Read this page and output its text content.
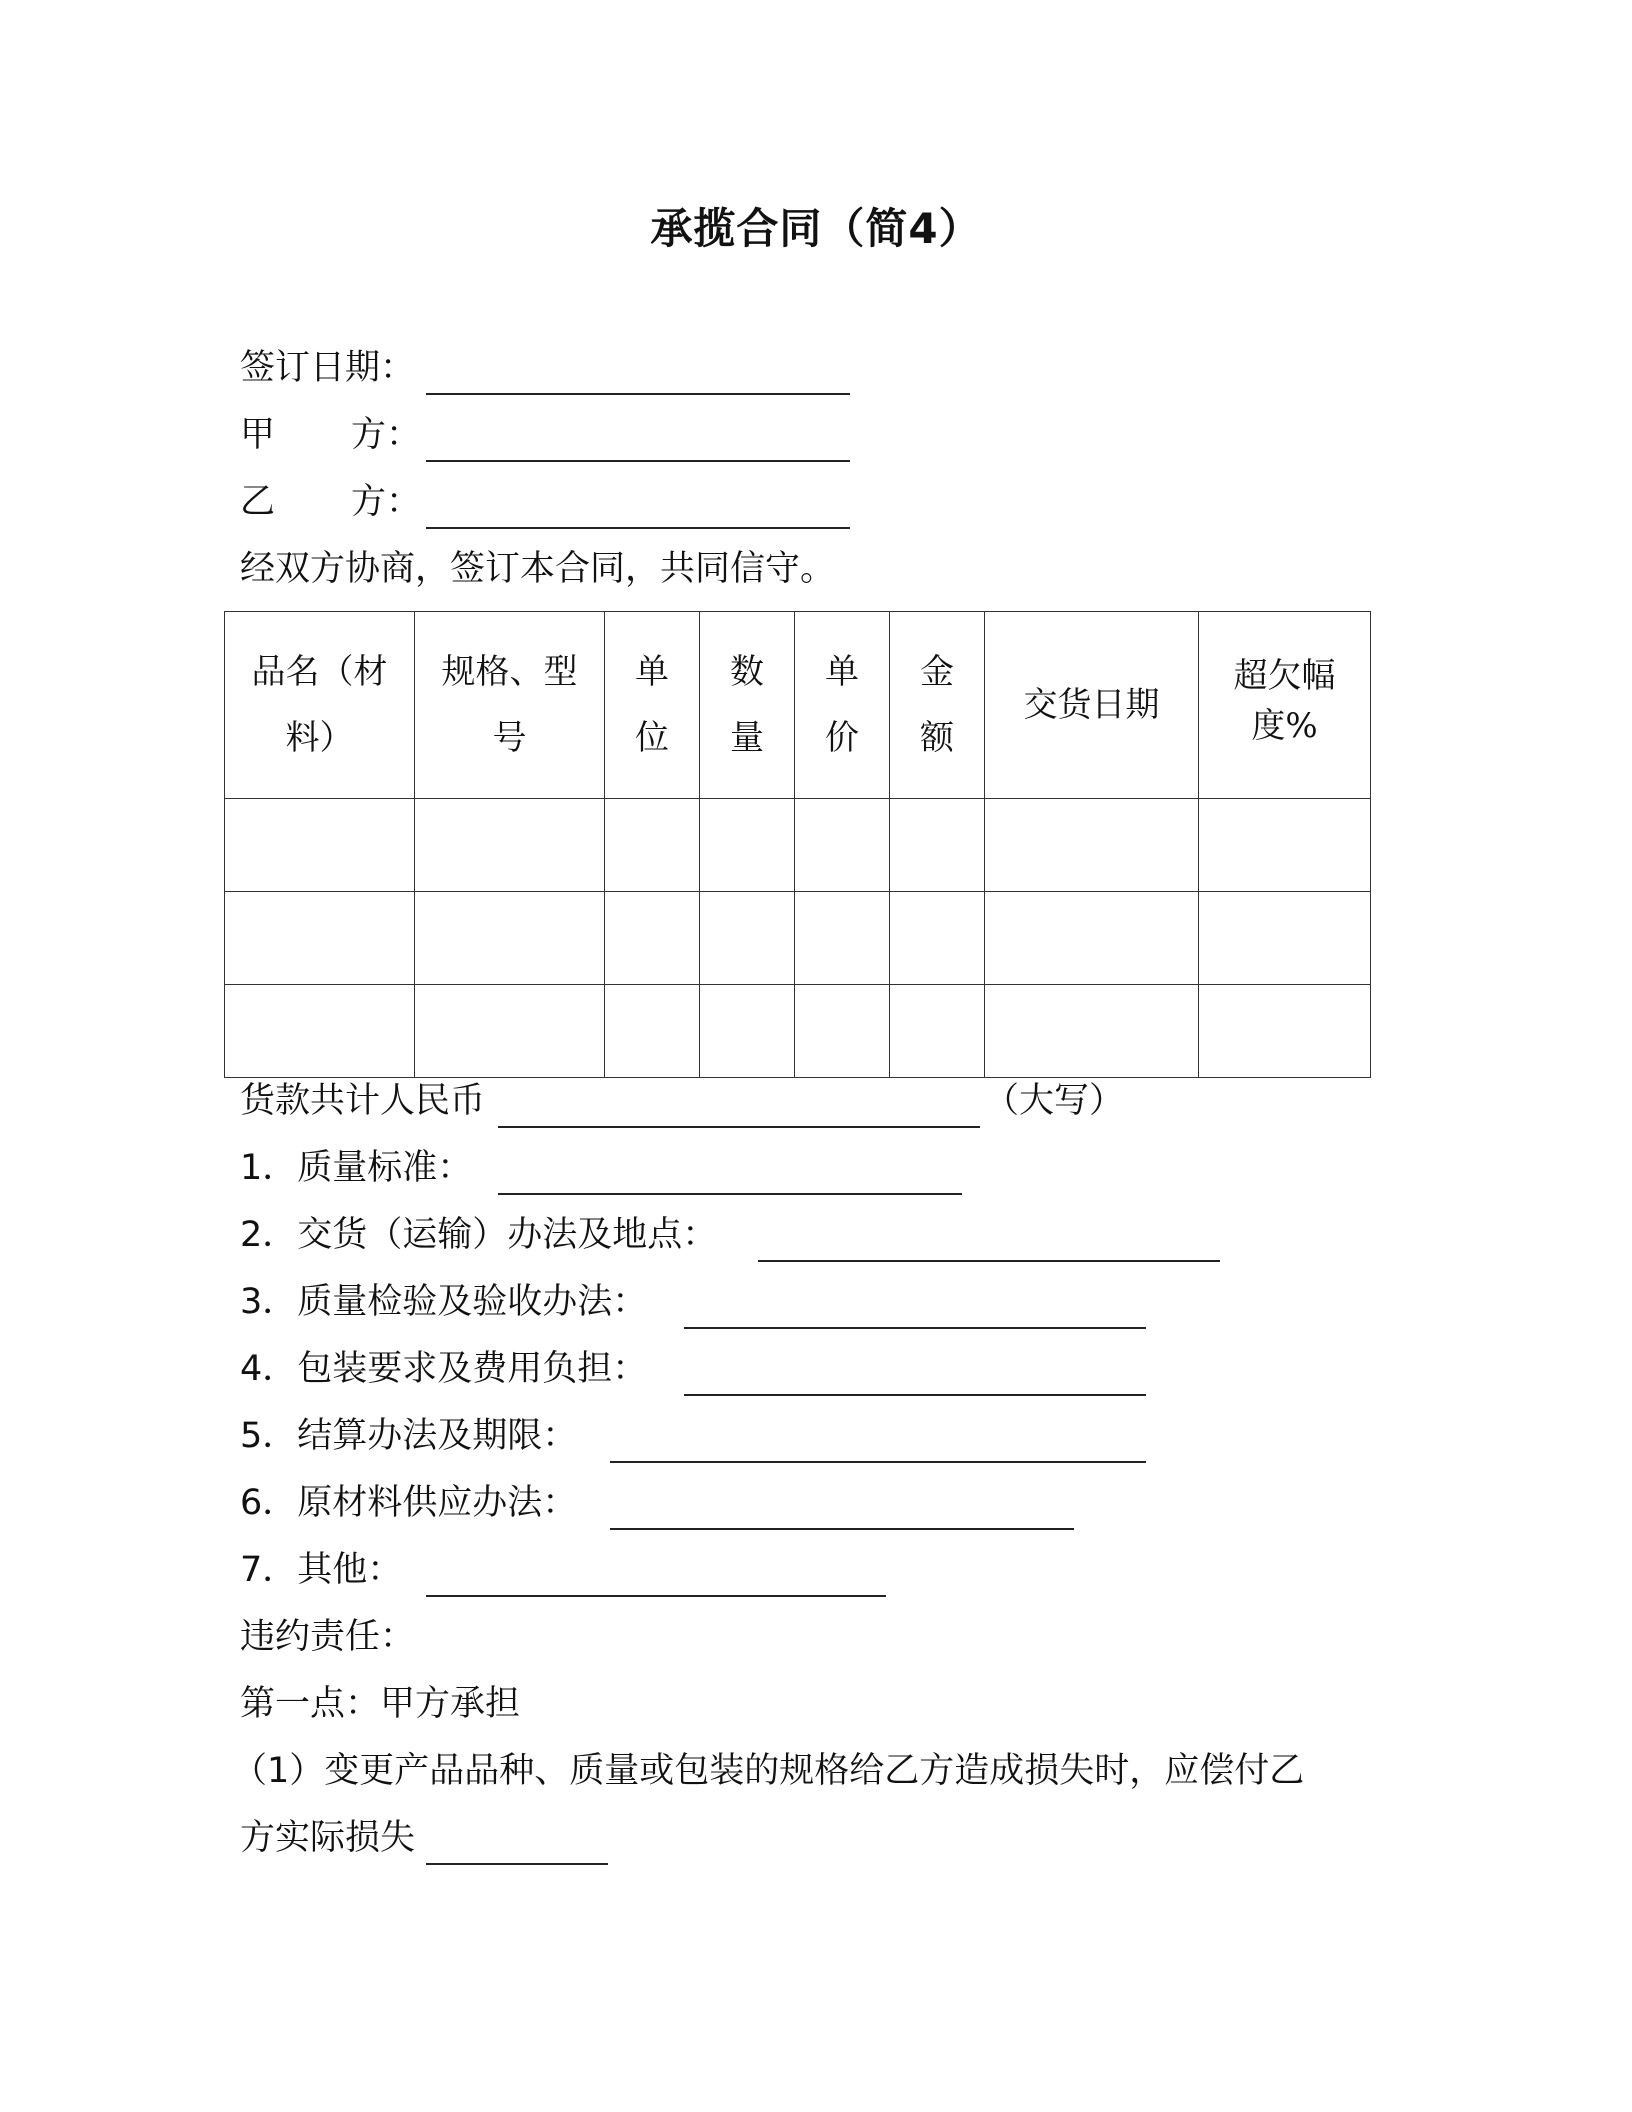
承揽合同（简4）
签订日期：
甲 方：
乙 方：
经双方协商，签订本合同，共同信守。
品名（材料）	规格、型号	单位	数量	单价	金额	交货日期	超欠幅度%

货款共计人民币	（大写）
1．质量标准：
2．交货（运输）办法及地点：
3．质量检验及验收办法：
4．包装要求及费用负担：
5．结算办法及期限：
6．原材料供应办法：
7．其他：
违约责任：
第一点：甲方承担
（1）变更产品品种、质量或包装的规格给乙方造成损失时，应偿付乙
方实际损失
